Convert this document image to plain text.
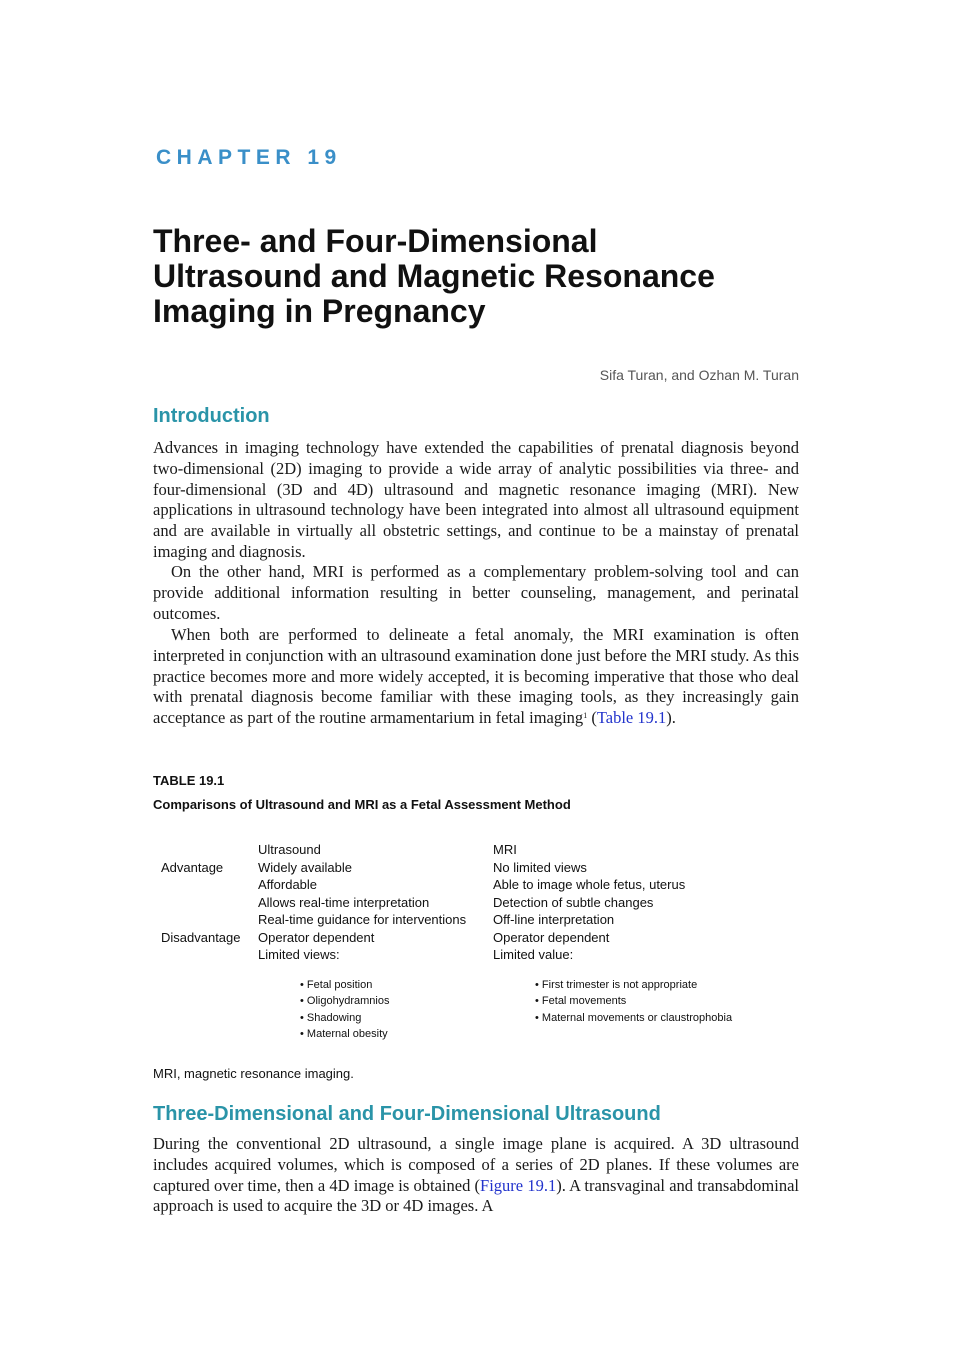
CHAPTER 19
Three- and Four-Dimensional
Ultrasound and Magnetic Resonance
Imaging in Pregnancy
Sifa Turan, and Ozhan M. Turan
Introduction

Advances in imaging technology have extended the capabilities of prenatal diagnosis beyond two-dimensional (2D) imaging to provide a wide array of analytic possibilities via three- and four-dimensional (3D and 4D) ultrasound and magnetic resonance imaging (MRI). New applications in ultrasound technology have been integrated into almost all ultrasound equipment and are available in virtually all obstetric settings, and continue to be a mainstay of prenatal imaging and diagnosis.

On the other hand, MRI is performed as a complementary problem-solving tool and can provide additional information resulting in better counseling, management, and perinatal outcomes.

When both are performed to delineate a fetal anomaly, the MRI examination is often interpreted in conjunction with an ultrasound examination done just before the MRI study. As this practice becomes more and more widely accepted, it is becoming imperative that those who deal with prenatal diagnosis become familiar with these imaging tools, as they increasingly gain acceptance as part of the routine armamentarium in fetal imaging$^1$ (Table 19.1).

TABLE 19.1
Comparisons of Ultrasound and MRI as a Fetal Assessment Method
Ultrasound	MRI
Advantage	Widely available
Affordable
Allows real-time interpretation
Real-time guidance for interventions
No limited views
Able to image whole fetus, uterus
Detection of subtle changes
Off-line interpretation
Disadvantage Operator dependent
Limited views:
Operator dependent
Limited value:
• Fetal position
• Oligohydramnios
• Shadowing
• Maternal obesity
• First trimester is not appropriate
• Fetal movements
• Maternal movements or claustrophobia
MRI, magnetic resonance imaging.
Three-Dimensional and Four-Dimensional Ultrasound

During the conventional 2D ultrasound, a single image plane is acquired. A 3D ultrasound includes acquired volumes, which is composed of a series of 2D planes. If these volumes are captured over time, then a 4D image is obtained (Figure 19.1). A transvaginal and transabdominal approach is used to acquire the 3D or 4D images. A
